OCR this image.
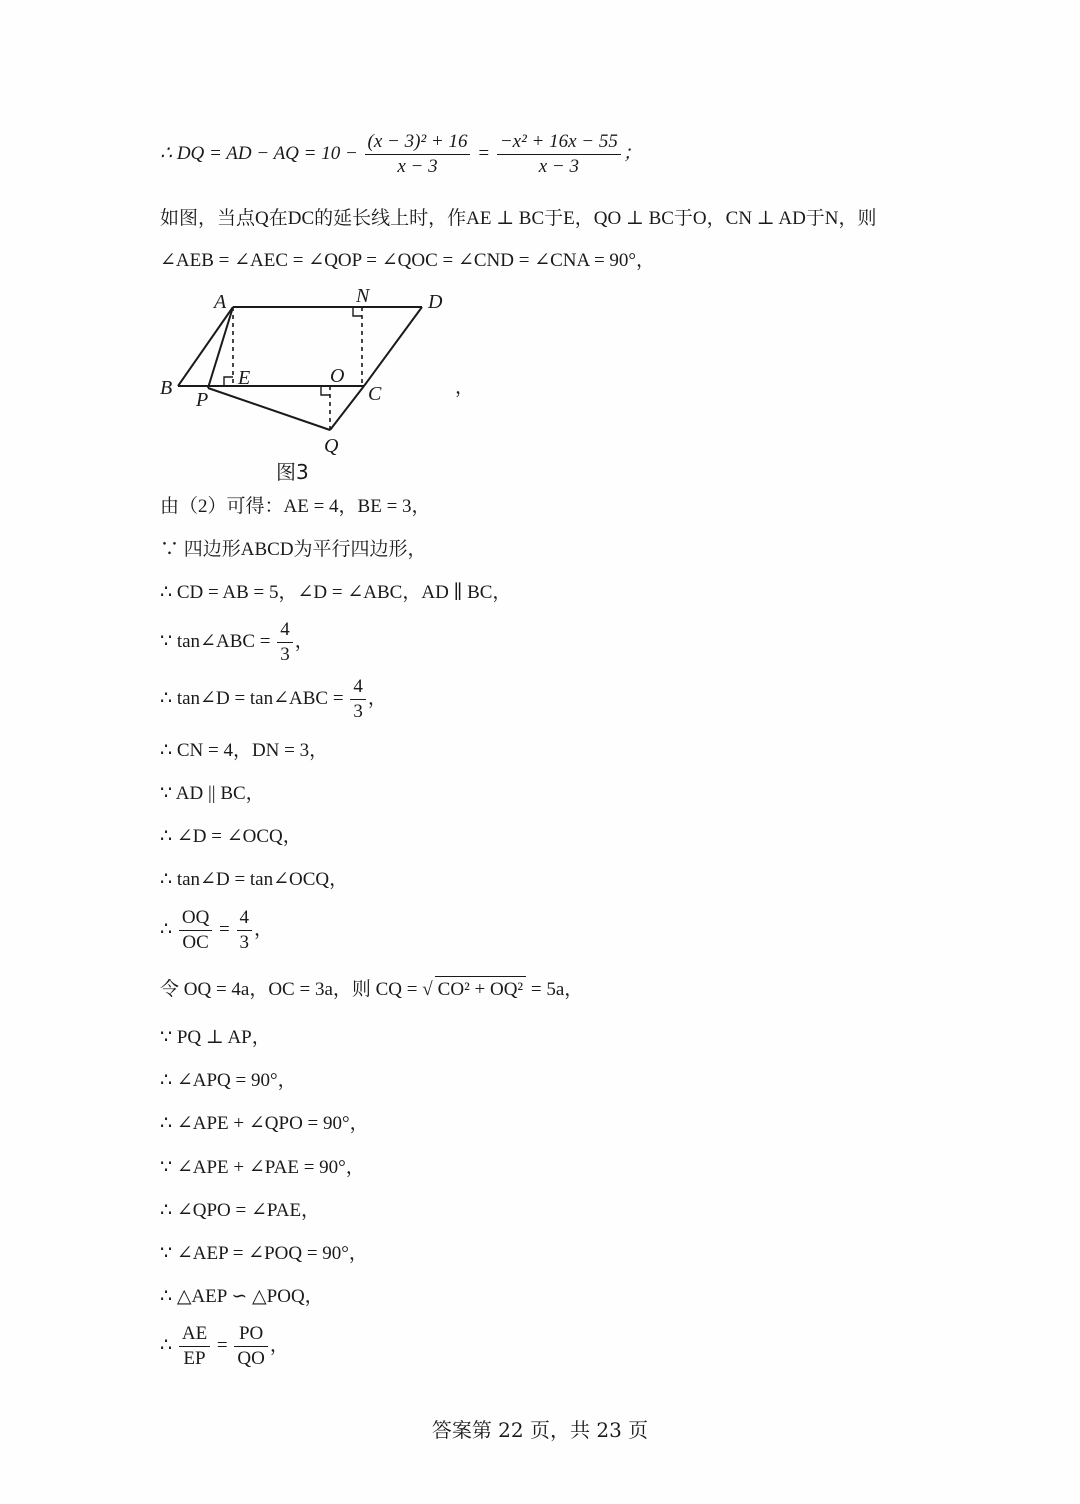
∴ DQ = AD − AQ = $10 - \frac{\text{(x − 3)² + 16}}{x - 3} = \frac{\text{−x² + 16x − 55}}{x - 3}$ ；
如图，当点Q在DC的延长线上时，作AE ⊥ BC于E，QO ⊥ BC于O，CN ⊥ AD于N，则
∠AEB = ∠AEC = ∠QOP = ∠QOC = ∠CND = ∠CNA = 90°，
A	N	D
B	E	O
C
P
Q
图3
，
由（2）可得：AE = 4，BE = 3，
∵ 四边形ABCD为平行四边形，
∴ CD = AB = 5，∠D = ∠ABC，AD ∥ BC，
∵ tan∠ABC = $\frac{4}{3}$ ，
∴ tan∠D = tan∠ABC = $\frac{4}{3}$ ，
∴ CN = 4，DN = 3，
∵ AD || BC，
∴ ∠D = ∠OCQ，
∴ tan∠D = tan∠OCQ，
∴ $\frac{OQ}{OC} = \frac{4}{3}$ ，
令 OQ = 4a，OC = 3a，则 CQ = √ CO² + OQ² = 5a，
∵ PQ ⊥ AP，
∴ ∠APQ = 90°，
∴ ∠APE + ∠QPO = 90°，
∵ ∠APE + ∠PAE = 90°，
∴ ∠QPO = ∠PAE，
∵ ∠AEP = ∠POQ = 90°，
∴ △AEP ∽ △POQ，
∴ $\frac{AE}{EP} = \frac{PO}{QO}$ ，
答案第 22 页，共 23 页
